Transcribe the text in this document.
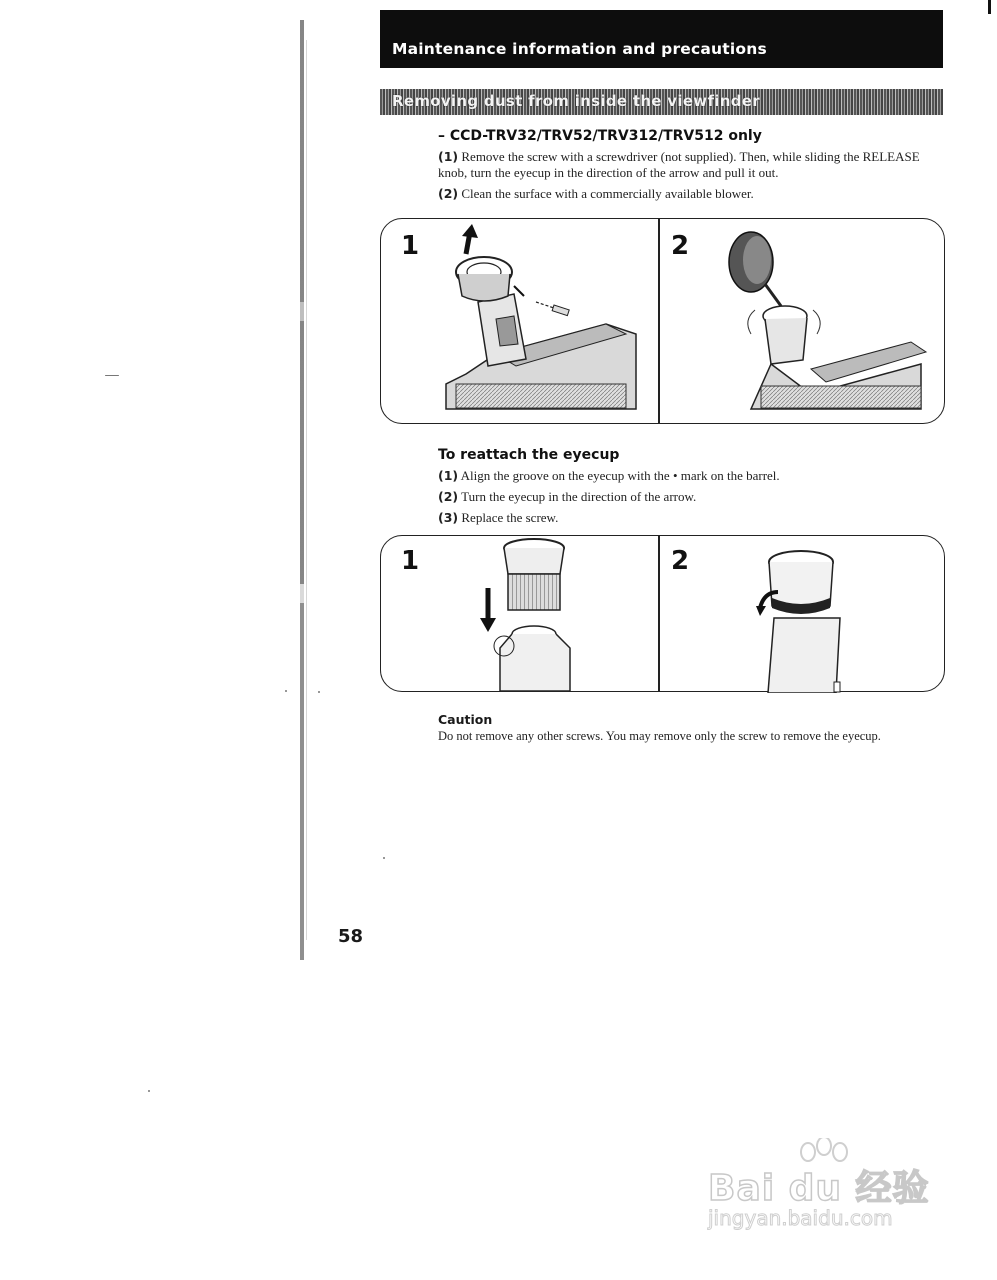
Maintenance information and precautions
Removing dust from inside the viewfinder
– CCD-TRV32/TRV52/TRV312/TRV512 only
(1) Remove the screw with a screwdriver (not supplied). Then, while sliding the RELEASE knob, turn the eyecup in the direction of the arrow and pull it out.
(2) Clean the surface with a commercially available blower.
1	2
To reattach the eyecup
(1) Align the groove on the eyecup with the • mark on the barrel.
(2) Turn the eyecup in the direction of the arrow.
(3) Replace the screw.
1	2
Caution
Do not remove any other screws. You may remove only the screw to remove the eyecup.
58
Bai du 经验
jingyan.baidu.com
